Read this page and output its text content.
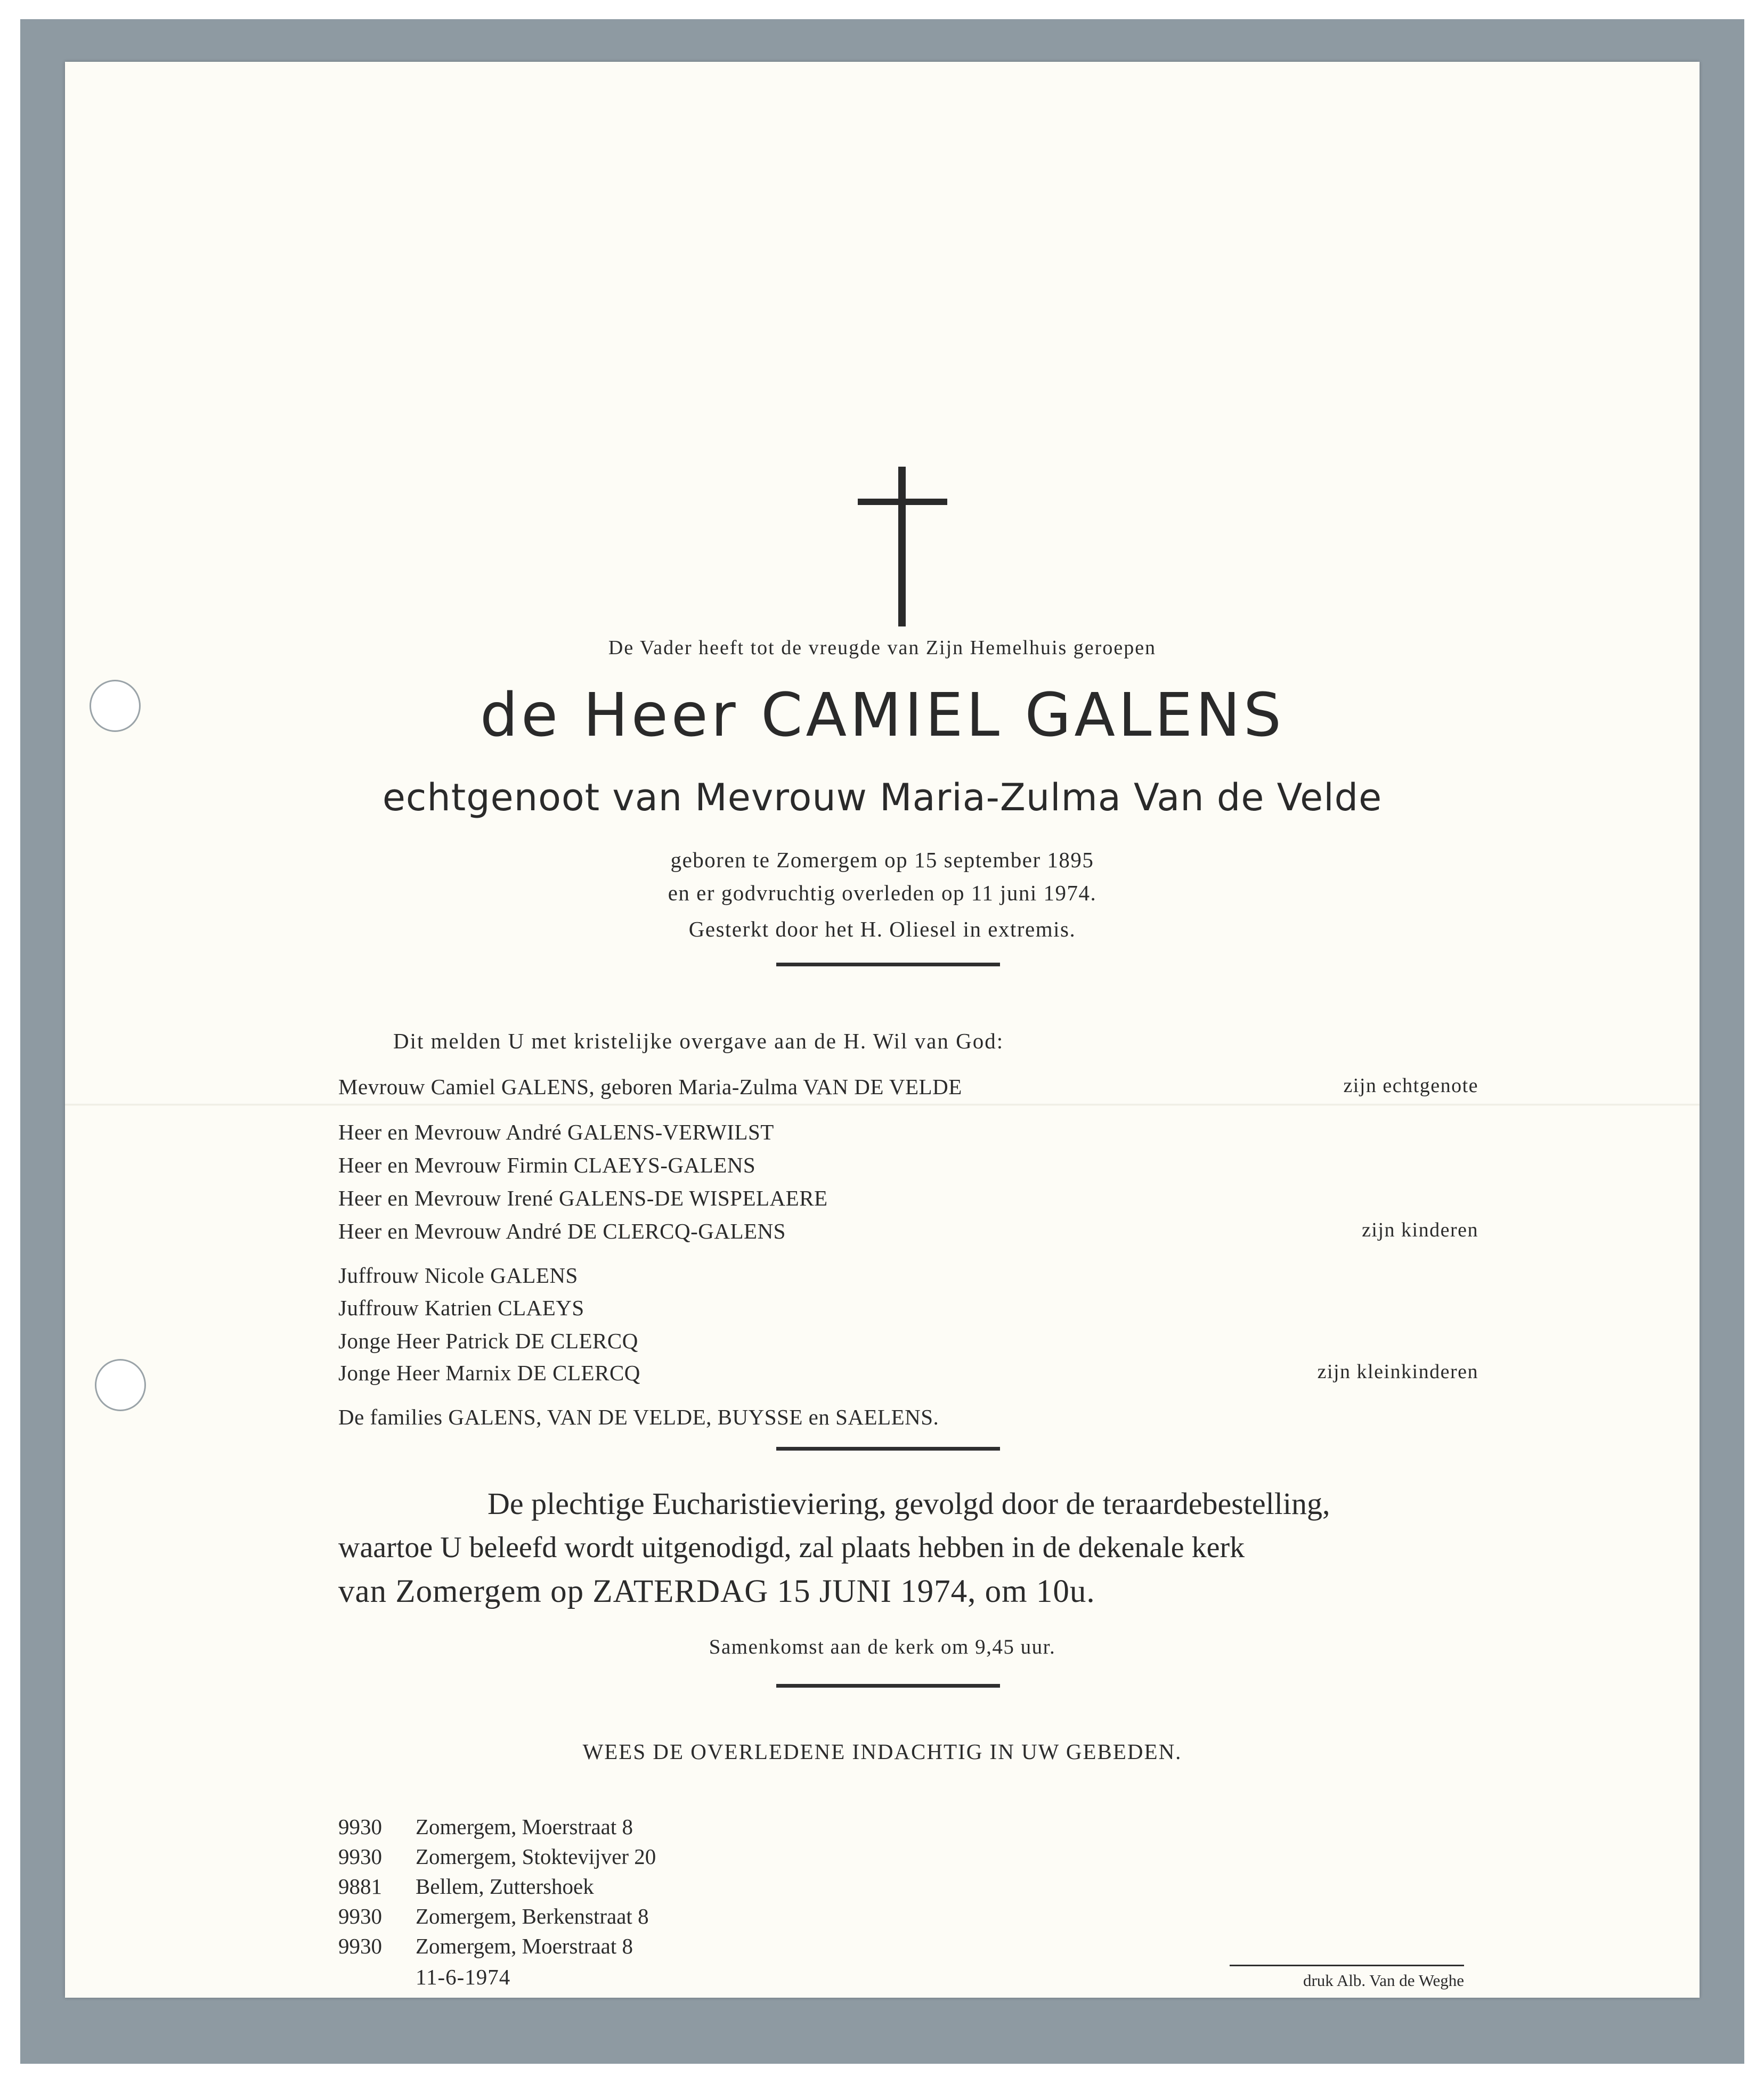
De Vader heeft tot de vreugde van Zijn Hemelhuis geroepen
de Heer CAMIEL GALENS
echtgenoot van Mevrouw Maria-Zulma Van de Velde
geboren te Zomergem op 15 september 1895
en er godvruchtig overleden op 11 juni 1974.
Gesterkt door het H. Oliesel in extremis.
Dit melden U met kristelijke overgave aan de H. Wil van God:
Mevrouw Camiel GALENS, geboren Maria-Zulma VAN DE VELDE	zijn echtgenote
Heer en Mevrouw André GALENS-VERWILST
Heer en Mevrouw Firmin CLAEYS-GALENS
Heer en Mevrouw Irené GALENS-DE WISPELAERE
Heer en Mevrouw André DE CLERCQ-GALENS	zijn kinderen
Juffrouw Nicole GALENS
Juffrouw Katrien CLAEYS
Jonge Heer Patrick DE CLERCQ
Jonge Heer Marnix DE CLERCQ	zijn kleinkinderen
De families GALENS, VAN DE VELDE, BUYSSE en SAELENS.
De plechtige Eucharistieviering, gevolgd door de teraardebestelling,
waartoe U beleefd wordt uitgenodigd, zal plaats hebben in de dekenale kerk
van Zomergem op ZATERDAG 15 JUNI 1974, om 10u.
Samenkomst aan de kerk om 9,45 uur.
WEES DE OVERLEDENE INDACHTIG IN UW GEBEDEN.
9930 Zomergem, Moerstraat 8
9930 Zomergem, Stoktevijver 20
9881 Bellem, Zuttershoek
9930 Zomergem, Berkenstraat 8
9930 Zomergem, Moerstraat 8
11-6-1974	druk Alb. Van de Weghe
